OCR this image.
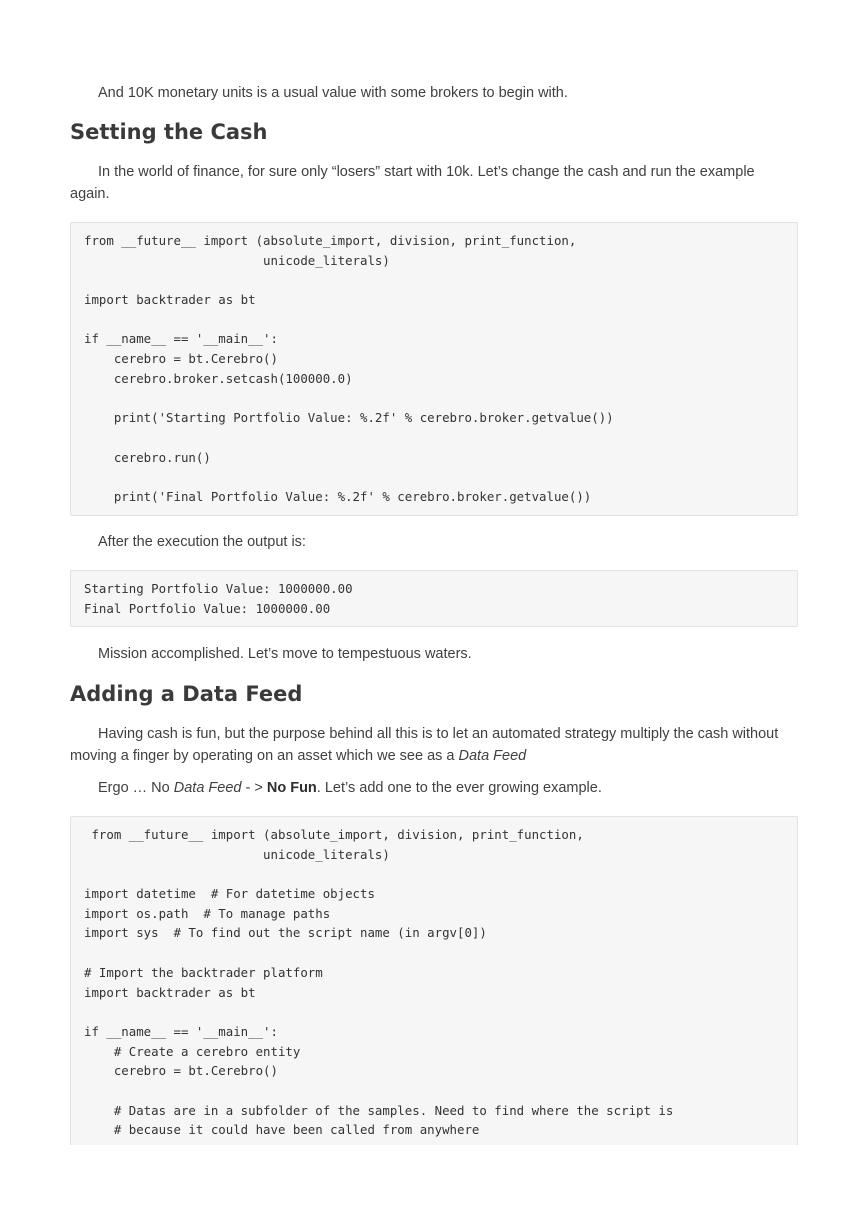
And 10K monetary units is a usual value with some brokers to begin with.

Setting the Cash

In the world of finance, for sure only “losers” start with 10k. Let’s change the cash and run the example again.

from __future__ import (absolute_import, division, print_function,
unicode_literals)

import backtrader as bt

if __name__ == '__main__':
cerebro = bt.Cerebro()
cerebro.broker.setcash(100000.0)

print('Starting Portfolio Value: %.2f' % cerebro.broker.getvalue())

cerebro.run()

print('Final Portfolio Value: %.2f' % cerebro.broker.getvalue())

After the execution the output is:

Starting Portfolio Value: 1000000.00
Final Portfolio Value: 1000000.00

Mission accomplished. Let’s move to tempestuous waters.

Adding a Data Feed

Having cash is fun, but the purpose behind all this is to let an automated strategy multiply the cash without moving a finger by operating on an asset which we see as a Data Feed

Ergo … No Data Feed - > No Fun. Let’s add one to the ever growing example.

from __future__ import (absolute_import, division, print_function,
unicode_literals)

import datetime  # For datetime objects
import os.path  # To manage paths
import sys  # To find out the script name (in argv[0])

# Import the backtrader platform
import backtrader as bt

if __name__ == '__main__':
# Create a cerebro entity
cerebro = bt.Cerebro()

# Datas are in a subfolder of the samples. Need to find where the script is
# because it could have been called from anywhere
